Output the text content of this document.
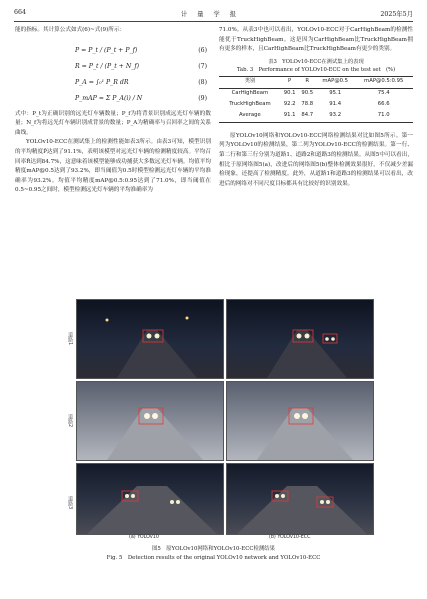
664	计量学报	2025年5月

能的指标。其计算公式如式(6)~式(9)所示：

P = P_t / (P_t + P_f)	(6)
R = P_t / (P_t + N_f)	(7)
P_A = ∫₀¹ P_R dR	(8)
P_mAP = Σ P_A(i) / N	(9)

式中：P_t为正确识别的远光灯车辆数量；P_f为将背景识别成远光灯车辆的数量；N_f为将远光灯车辆识别成背景的数量；P_A为精确率与召回率之间的关系曲线。

YOLOv10-ECC在测试集上的检测性能如表3所示。由表3可知，模型识别的平均精度P̄达到了91.1%，表明该模型对远光灯车辆的检测精度较高。平均召回率R̄达到84.7%，这意味着该模型能够成功捕获大多数远光灯车辆。均值平均精度mAP@0.5达到了93.2%，即当阈值为0.5时模型检测远光灯车辆的平均准确率为93.2%。均值平均精度mAP@0.5:0.95达到了71.0%，即当阈值在0.5~0.95之间时，模型检测远光灯车辆的平均准确率为

71.0%。从表3中也可以看出，YOLOv10-ECC对于CarHighBeam的检测性能优于TruckHighBeam。这是因为CarHighBeam比TruckHighBeam拥有更多的样本，且CarHighBeam比TruckHighBeam有更少的类别。

表3　YOLOv10-ECC在测试集上的表现
Tab. 3　Performance of YOLOv10-ECC on the test set　(%)
类别	P	R	mAP@0.5	mAP@0.5:0.95
CarHighBeam	90.1	90.5	95.1	75.4
TruckHighBeam	92.2	78.8	91.4	66.6
Average	91.1	84.7	93.2	71.0

原YOLOv10网络和YOLOv10-ECC网络检测结果对比如图5所示。第一列为YOLOv10的检测结果，第二列为YOLOv10-ECC的检测结果。第一行、第二行和第三行分别为道路1、道路2和道路3的检测结果。从图5中可以看出，相比于原网络图5(a)，改进后的网络图5(b)整体检测效果很好，不仅减少差漏检现象，还提高了检测精度。此外，从道路1和道路3的检测结果可以看出，改进后的网络对不同尺度目标都具有比较好的识别效果。

道路1
道路2
道路3
(a) YOLOv10	(b) YOLOv10-ECC
图5　原YOLOv10网络和YOLOv10-ECC检测结果
Fig. 5　Detection results of the original YOLOv10 network and YOLOv10-ECC
